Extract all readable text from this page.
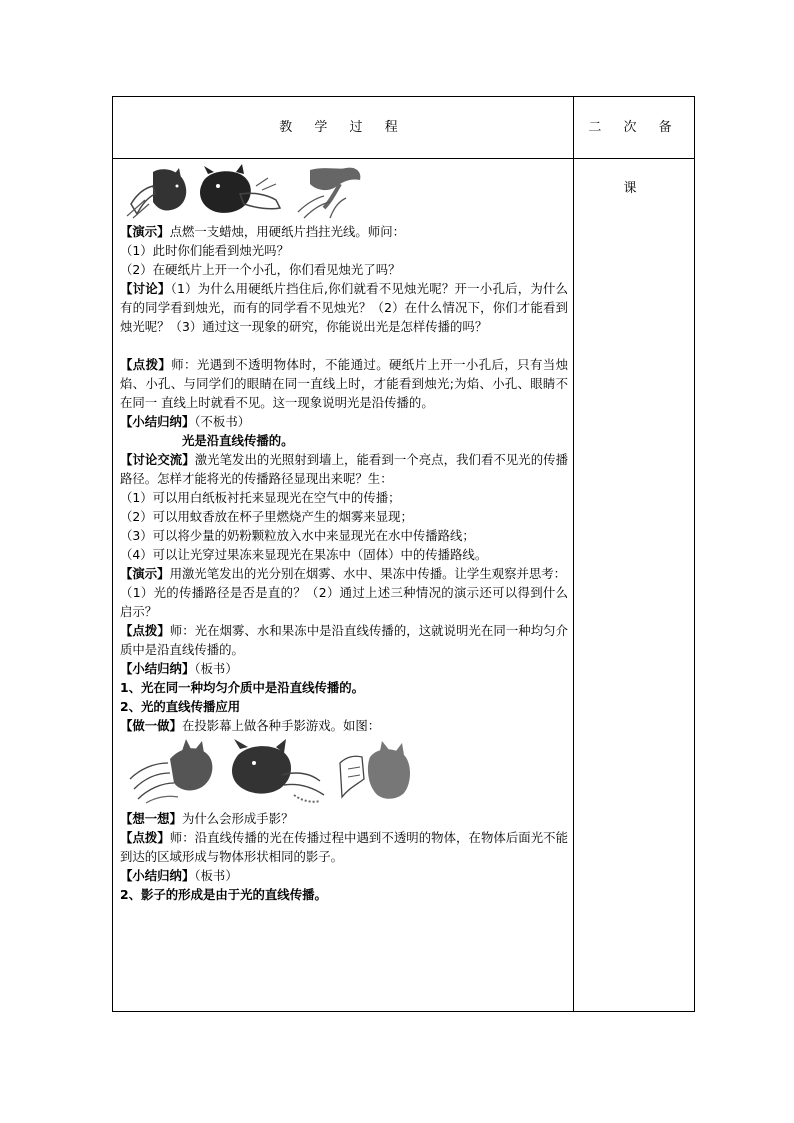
教 学 过 程	二 次 备 课

【演示】点燃一支蜡烛，用硬纸片挡拄光线。师问：

（1）此时你们能看到烛光吗？

（2）在硬纸片上开一个小孔，你们看见烛光了吗？

【讨论】（1）为什么用硬纸片挡住后,你们就看不见烛光呢？开一小孔后，为什么有的同学看到烛光，而有的同学看不见烛光？（2）在什么情况下，你们才能看到烛光呢？（3）通过这一现象的研究，你能说出光是怎样传播的吗？

【点拨】师：光遇到不透明物体时，不能通过。硬纸片上开一小孔后，只有当烛焰、小孔、与同学们的眼睛在同一直线上时，才能看到烛光;为焰、小孔、眼睛不在同一 直线上时就看不见。这一现象说明光是沿传播的。

【小结归纳】（不板书）

光是沿直线传播的。

【讨论交流】激光笔发出的光照射到墙上，能看到一个亮点，我们看不见光的传播路径。怎样才能将光的传播路径显现出来呢？生：

（1）可以用白纸板衬托来显现光在空气中的传播；

（2）可以用蚊香放在杯子里燃烧产生的烟雾来显现；

（3）可以将少量的奶粉颗粒放入水中来显现光在水中传播路线；

（4）可以让光穿过果冻来显现光在果冻中（固体）中的传播路线。

【演示】用激光笔发出的光分别在烟雾、水中、果冻中传播。让学生观察并思考：

（1）光的传播路径是否是直的？（2）通过上述三种情况的演示还可以得到什么启示？

【点拨】师：光在烟雾、水和果冻中是沿直线传播的，这就说明光在同一种均匀介质中是沿直线传播的。

【小结归纳】（板书）

1、光在同一种均匀介质中是沿直线传播的。

2、光的直线传播应用

【做一做】在投影幕上做各种手影游戏。如图：

【想一想】为什么会形成手影？

【点拨】师：沿直线传播的光在传播过程中遇到不透明的物体，在物体后面光不能到达的区域形成与物体形状相同的影子。

【小结归纳】（板书）

2、影子的形成是由于光的直线传播。
